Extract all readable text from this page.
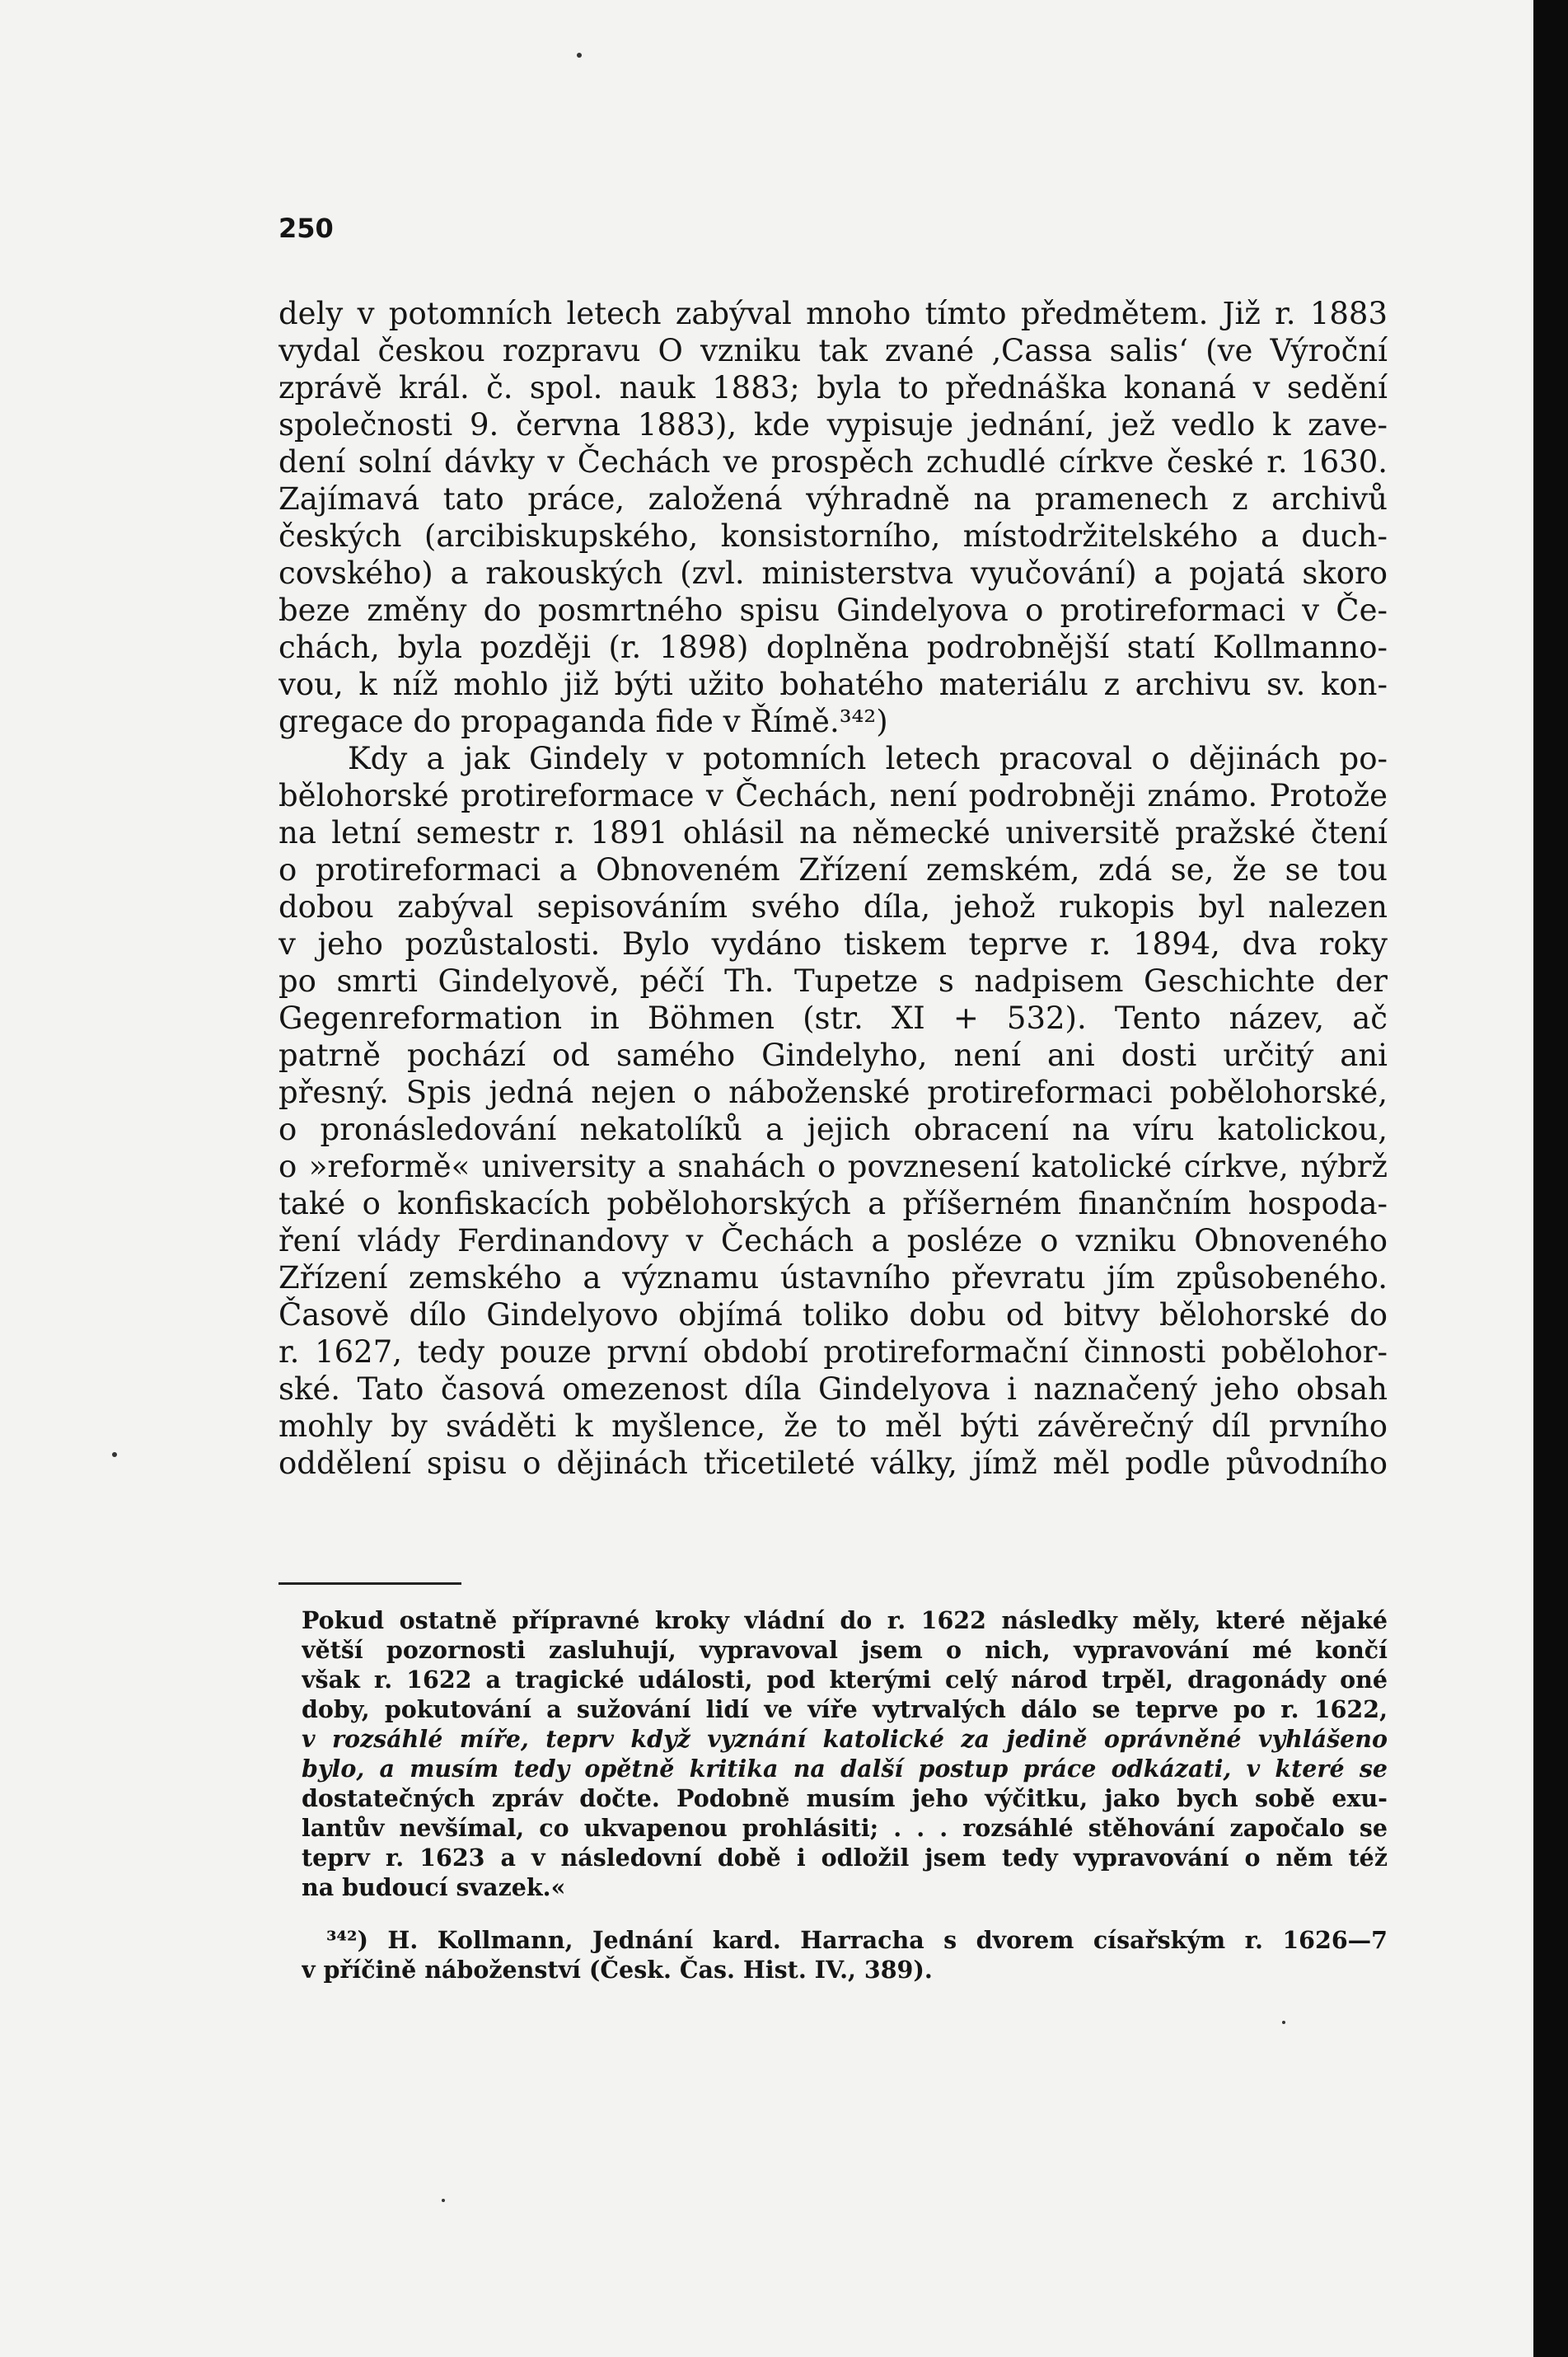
250

dely v potomních letech zabýval mnoho tímto předmětem. Již r. 1883

vydal českou rozpravu O vzniku tak zvané ‚Cassa salis‘ (ve Výroční

zprávě král. č. spol. nauk 1883; byla to přednáška konaná v sedění

společnosti 9. června 1883), kde vypisuje jednání, jež vedlo k zave-

dení solní dávky v Čechách ve prospěch zchudlé církve české r. 1630.

Zajímavá tato práce, založená výhradně na pramenech z archivů

českých (arcibiskupského, konsistorního, místodržitelského a duch-

covského) a rakouských (zvl. ministerstva vyučování) a pojatá skoro

beze změny do posmrtného spisu Gindelyova o protireformaci v Če-

chách, byla později (r. 1898) doplněna podrobnější statí Kollmanno-

vou, k níž mohlo již býti užito bohatého materiálu z archivu sv. kon-

gregace do propaganda fide v Římě.³⁴²)

Kdy a jak Gindely v potomních letech pracoval o dějinách po-

bělohorské protireformace v Čechách, není podrobněji známo. Protože

na letní semestr r. 1891 ohlásil na německé universitě pražské čtení

o protireformaci a Obnoveném Zřízení zemském, zdá se, že se tou

dobou zabýval sepisováním svého díla, jehož rukopis byl nalezen

v jeho pozůstalosti. Bylo vydáno tiskem teprve r. 1894, dva roky

po smrti Gindelyově, péčí Th. Tupetze s nadpisem Geschichte der

Gegenreformation in Böhmen (str. XI + 532). Tento název, ač

patrně pochází od samého Gindelyho, není ani dosti určitý ani

přesný. Spis jedná nejen o náboženské protireformaci pobělohorské,

o pronásledování nekatolíků a jejich obracení na víru katolickou,

o »reformě« university a snahách o povznesení katolické církve, nýbrž

také o konfiskacích pobělohorských a příšerném finančním hospoda-

ření vlády Ferdinandovy v Čechách a posléze o vzniku Obnoveného

Zřízení zemského a významu ústavního převratu jím způsobeného.

Časově dílo Gindelyovo objímá toliko dobu od bitvy bělohorské do

r. 1627, tedy pouze první období protireformační činnosti pobělohor-

ské. Tato časová omezenost díla Gindelyova i naznačený jeho obsah

mohly by sváděti k myšlence, že to měl býti závěrečný díl prvního

oddělení spisu o dějinách třicetileté války, jímž měl podle původního

Pokud ostatně přípravné kroky vládní do r. 1622 následky měly, které nějaké

větší pozornosti zasluhují, vypravoval jsem o nich, vypravování mé končí

však r. 1622 a tragické události, pod kterými celý národ trpěl, dragonády oné

doby, pokutování a sužování lidí ve víře vytrvalých dálo se teprve po r. 1622,

v rozsáhlé míře, teprv když vyznání katolické za jedině oprávněné vyhlášeno

bylo, a musím tedy opětně kritika na další postup práce odkázati, v které se

dostatečných zpráv dočte. Podobně musím jeho výčitku, jako bych sobě exu-

lantův nevšímal, co ukvapenou prohlásiti; . . . rozsáhlé stěhování započalo se

teprv r. 1623 a v následovní době i odložil jsem tedy vypravování o něm též

na budoucí svazek.«

³⁴²) H. Kollmann, Jednání kard. Harracha s dvorem císařským r. 1626—7

v příčině náboženství (Česk. Čas. Hist. IV., 389).
